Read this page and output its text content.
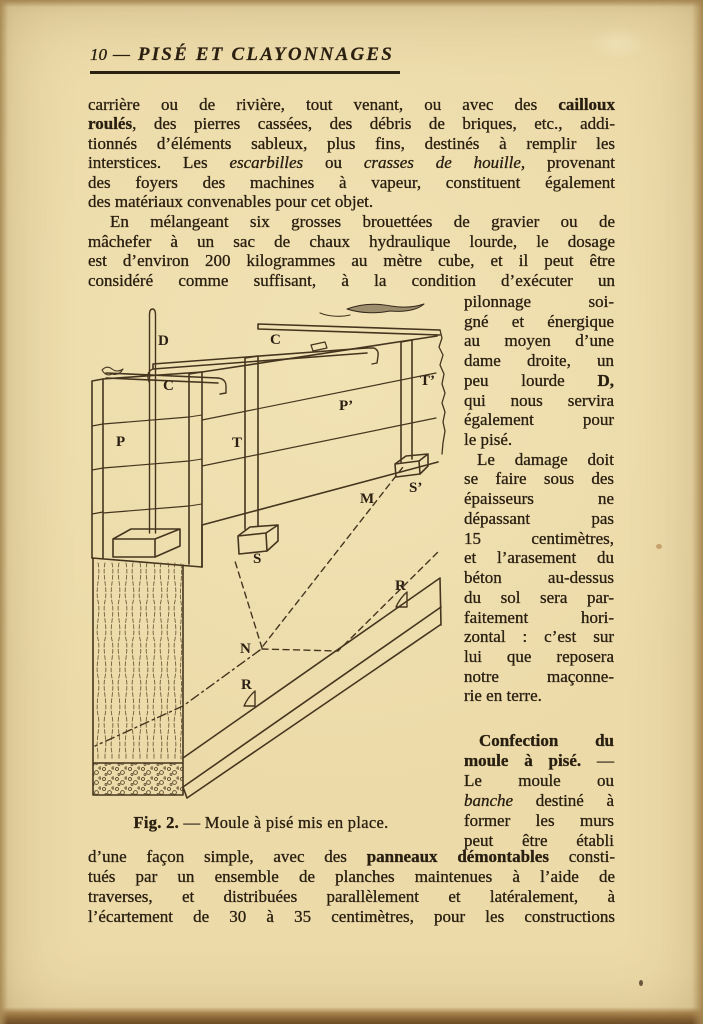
10 — PISÉ ET CLAYONNAGES
carrière ou de rivière, tout venant, ou avec des cailloux
roulés, des pierres cassées, des débris de briques, etc., addi-
tionnés d’éléments sableux, plus fins, destinés à remplir les
interstices. Les escarbilles ou crasses de houille, provenant
des foyers des machines à vapeur, constituent également
des matériaux convenables pour cet objet.
En mélangeant six grosses brouettées de gravier ou de
mâchefer à un sac de chaux hydraulique lourde, le dosage
est d’environ 200 kilogrammes au mètre cube, et il peut être
considéré comme suffisant, à la condition d’exécuter un
D	C
C
P	T
P’
T’
S
S’
M
N
R
R
Fig. 2. — Moule à pisé mis en place.
pilonnage soi-
gné et énergique
au moyen d’une
dame droite, un
peu lourde D,
qui nous servira
également pour
le pisé.
Le damage doit
se faire sous des
épaisseurs ne
dépassant pas
15 centimètres,
et l’arasement du
béton au-dessus
du sol sera par-
faitement hori-
zontal : c’est sur
lui que reposera
notre maçonne-
rie en terre.
Confection du
moule à pisé. —
Le moule ou
banche destiné à
former les murs
peut être établi
d’une façon simple, avec des panneaux démontables consti-
tués par un ensemble de planches maintenues à l’aide de
traverses, et distribuées parallèlement et latéralement, à
l’écartement de 30 à 35 centimètres, pour les constructions
